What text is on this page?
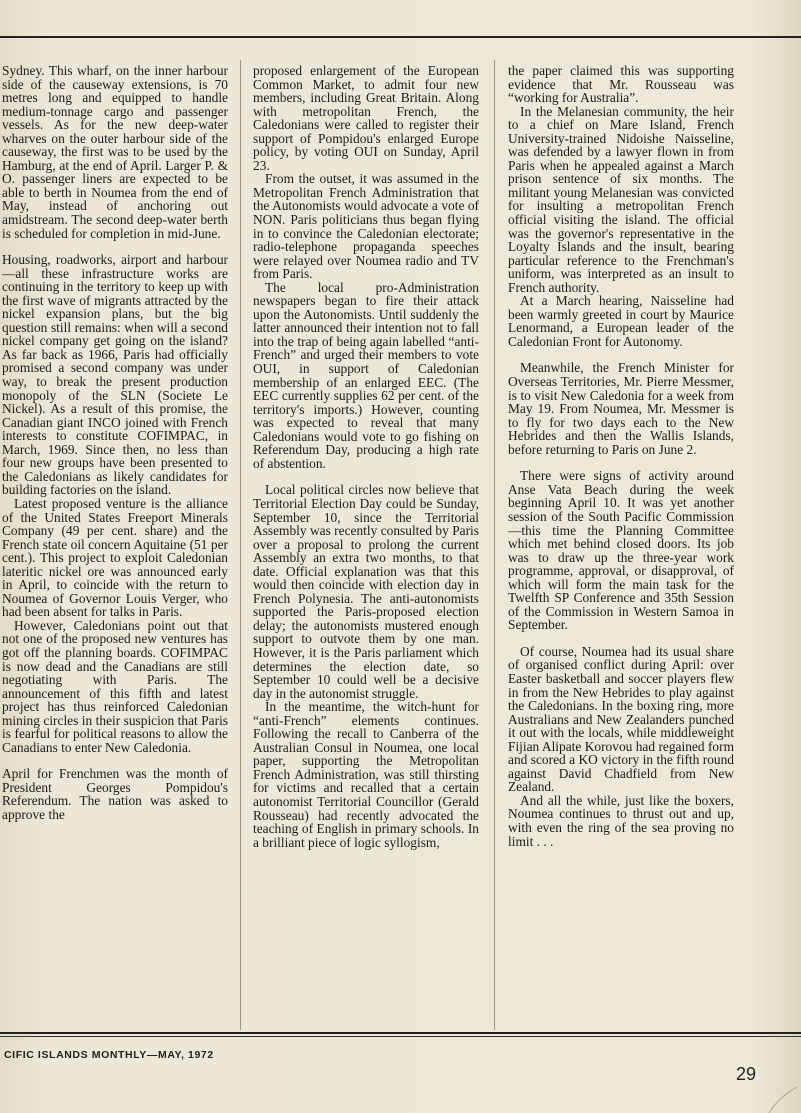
Sydney. This wharf, on the inner harbour side of the causeway extensions, is 70 metres long and equipped to handle medium-tonnage cargo and passenger vessels. As for the new deep-water wharves on the outer harbour side of the causeway, the first was to be used by the Hamburg, at the end of April. Larger P. & O. passenger liners are expected to be able to berth in Noumea from the end of May, instead of anchoring out amidstream. The second deep-water berth is scheduled for completion in mid-June.

Housing, roadworks, airport and harbour—all these infrastructure works are continuing in the territory to keep up with the first wave of migrants attracted by the nickel expansion plans, but the big question still remains: when will a second nickel company get going on the island? As far back as 1966, Paris had officially promised a second company was under way, to break the present production monopoly of the SLN (Societe Le Nickel). As a result of this promise, the Canadian giant INCO joined with French interests to constitute COFIMPAC, in March, 1969. Since then, no less than four new groups have been presented to the Caledonians as likely candidates for building factories on the island.

Latest proposed venture is the alliance of the United States Freeport Minerals Company (49 per cent. share) and the French state oil concern Aquitaine (51 per cent.). This project to exploit Caledonian lateritic nickel ore was announced early in April, to coincide with the return to Noumea of Governor Louis Verger, who had been absent for talks in Paris.

However, Caledonians point out that not one of the proposed new ventures has got off the planning boards. COFIMPAC is now dead and the Canadians are still negotiating with Paris. The announcement of this fifth and latest project has thus reinforced Caledonian mining circles in their suspicion that Paris is fearful for political reasons to allow the Canadians to enter New Caledonia.

April for Frenchmen was the month of President Georges Pompidou's Referendum. The nation was asked to approve the

proposed enlargement of the European Common Market, to admit four new members, including Great Britain. Along with metropolitan French, the Caledonians were called to register their support of Pompidou's enlarged Europe policy, by voting OUI on Sunday, April 23.

From the outset, it was assumed in the Metropolitan French Administration that the Autonomists would advocate a vote of NON. Paris politicians thus began flying in to convince the Caledonian electorate; radio-telephone propaganda speeches were relayed over Noumea radio and TV from Paris.

The local pro-Administration newspapers began to fire their attack upon the Autonomists. Until suddenly the latter announced their intention not to fall into the trap of being again labelled “anti-French” and urged their members to vote OUI, in support of Caledonian membership of an enlarged EEC. (The EEC currently supplies 62 per cent. of the territory's imports.) However, counting was expected to reveal that many Caledonians would vote to go fishing on Referendum Day, producing a high rate of abstention.

Local political circles now believe that Territorial Election Day could be Sunday, September 10, since the Territorial Assembly was recently consulted by Paris over a proposal to prolong the current Assembly an extra two months, to that date. Official explanation was that this would then coincide with election day in French Polynesia. The anti-autonomists supported the Paris-proposed election delay; the autonomists mustered enough support to outvote them by one man. However, it is the Paris parliament which determines the election date, so September 10 could well be a decisive day in the autonomist struggle.

In the meantime, the witch-hunt for “anti-French” elements continues. Following the recall to Canberra of the Australian Consul in Noumea, one local paper, supporting the Metropolitan French Administration, was still thirsting for victims and recalled that a certain autonomist Territorial Councillor (Gerald Rousseau) had recently advocated the teaching of English in primary schools. In a brilliant piece of logic syllogism,

the paper claimed this was supporting evidence that Mr. Rousseau was “working for Australia”.

In the Melanesian community, the heir to a chief on Mare Island, French University-trained Nidoishe Naisseline, was defended by a lawyer flown in from Paris when he appealed against a March prison sentence of six months. The militant young Melanesian was convicted for insulting a metropolitan French official visiting the island. The official was the governor's representative in the Loyalty Islands and the insult, bearing particular reference to the Frenchman's uniform, was interpreted as an insult to French authority.

At a March hearing, Naisseline had been warmly greeted in court by Maurice Lenormand, a European leader of the Caledonian Front for Autonomy.

Meanwhile, the French Minister for Overseas Territories, Mr. Pierre Messmer, is to visit New Caledonia for a week from May 19. From Noumea, Mr. Messmer is to fly for two days each to the New Hebrides and then the Wallis Islands, before returning to Paris on June 2.

There were signs of activity around Anse Vata Beach during the week beginning April 10. It was yet another session of the South Pacific Commission—this time the Planning Committee which met behind closed doors. Its job was to draw up the three-year work programme, approval, or disapproval, of which will form the main task for the Twelfth SP Conference and 35th Session of the Commission in Western Samoa in September.

Of course, Noumea had its usual share of organised conflict during April: over Easter basketball and soccer players flew in from the New Hebrides to play against the Caledonians. In the boxing ring, more Australians and New Zealanders punched it out with the locals, while middleweight Fijian Alipate Korovou had regained form and scored a KO victory in the fifth round against David Chadfield from New Zealand.

And all the while, just like the boxers, Noumea continues to thrust out and up, with even the ring of the sea proving no limit . . .

CIFIC ISLANDS MONTHLY—MAY, 1972
29
